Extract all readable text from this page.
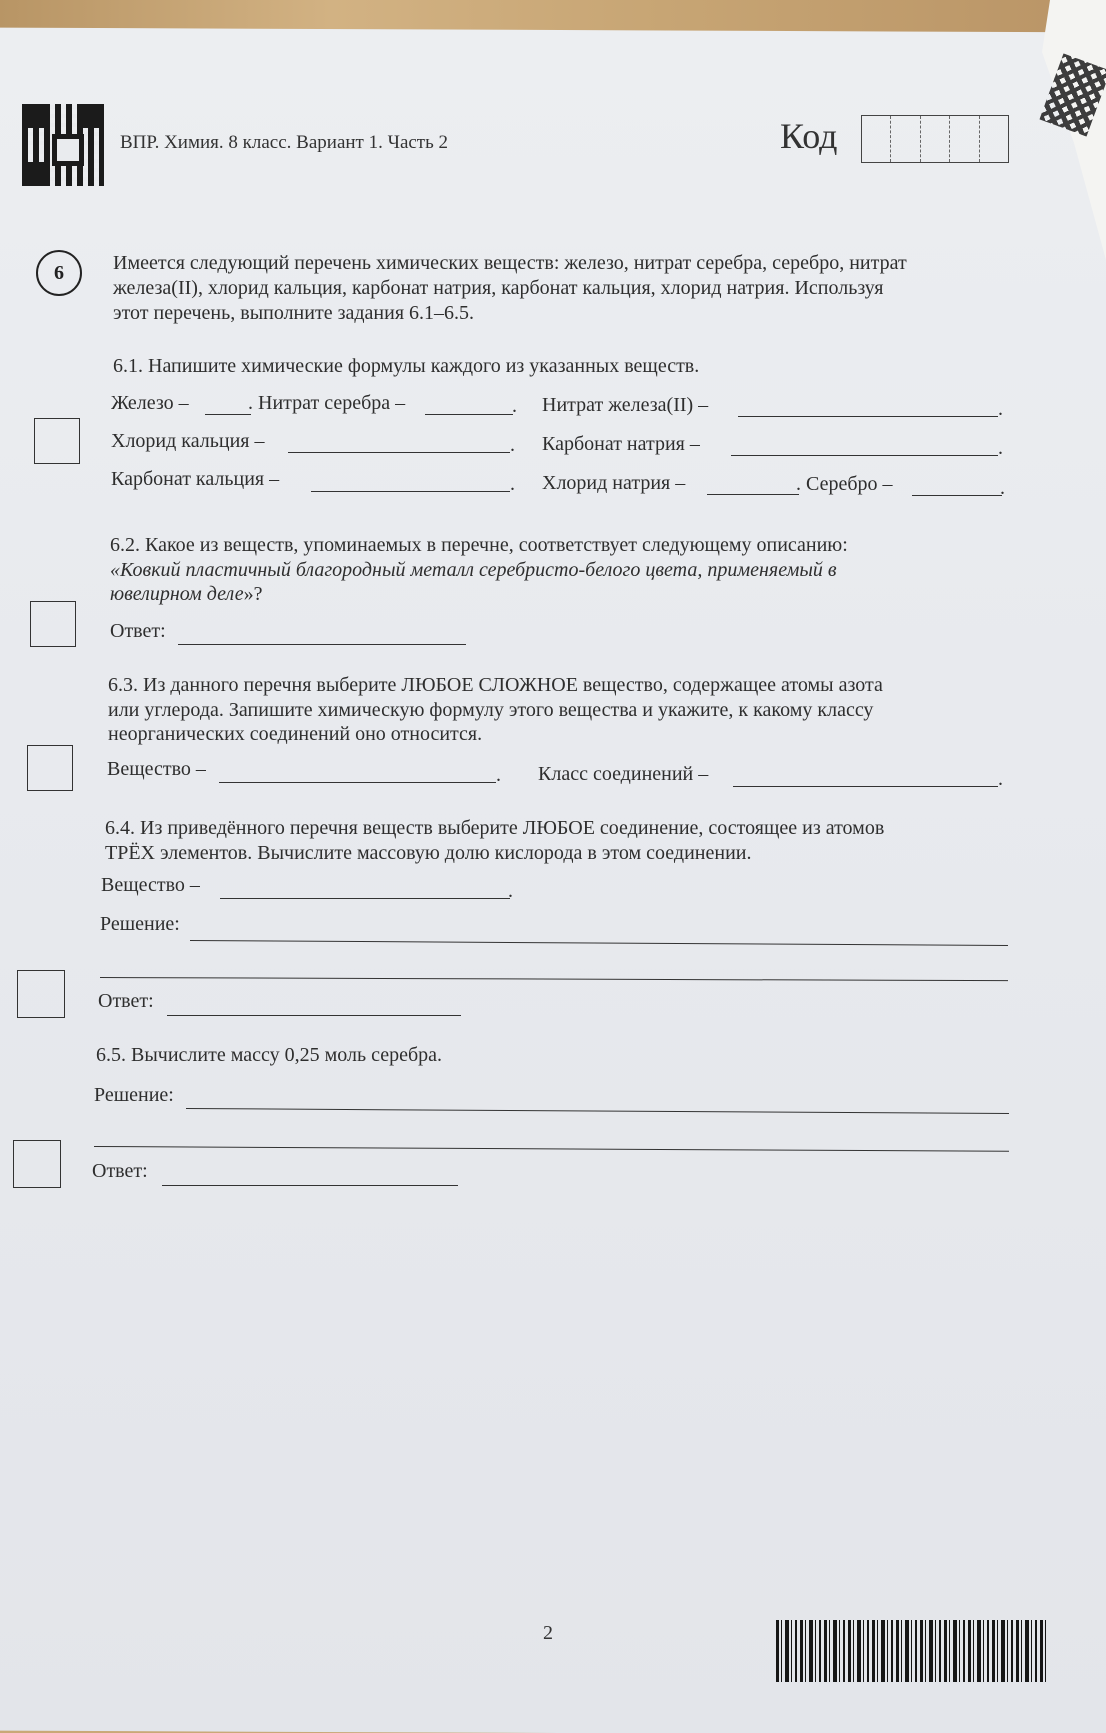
ВПР. Химия. 8 класс. Вариант 1. Часть 2	Код
6	Имеется следующий перечень химических веществ: железо, нитрат серебра, серебро, нитрат
железа(II), хлорид кальция, карбонат натрия, карбонат кальция, хлорид натрия. Используя
этот перечень, выполните задания 6.1–6.5.
6.1. Напишите химические формулы каждого из указанных веществ.
Железо –	. Нитрат серебра –	. Нитрат железа(II) –	.
Хлорид кальция –	. Карбонат натрия –	.
Карбонат кальция –	. Хлорид натрия –	. Серебро –	.
6.2. Какое из веществ, упоминаемых в перечне, соответствует следующему описанию:
«Ковкий пластичный благородный металл серебристо-белого цвета, применяемый в
ювелирном деле»?
Ответ:
6.3. Из данного перечня выберите ЛЮБОЕ СЛОЖНОЕ вещество, содержащее атомы азота
или углерода. Запишите химическую формулу этого вещества и укажите, к какому классу
неорганических соединений оно относится.
Вещество –	. Класс соединений –	.
6.4. Из приведённого перечня веществ выберите ЛЮБОЕ соединение, состоящее из атомов
ТРЁХ элементов. Вычислите массовую долю кислорода в этом соединении.
Вещество –	.
Решение:
Ответ:
6.5. Вычислите массу 0,25 моль серебра.
Решение:
Ответ:
2
